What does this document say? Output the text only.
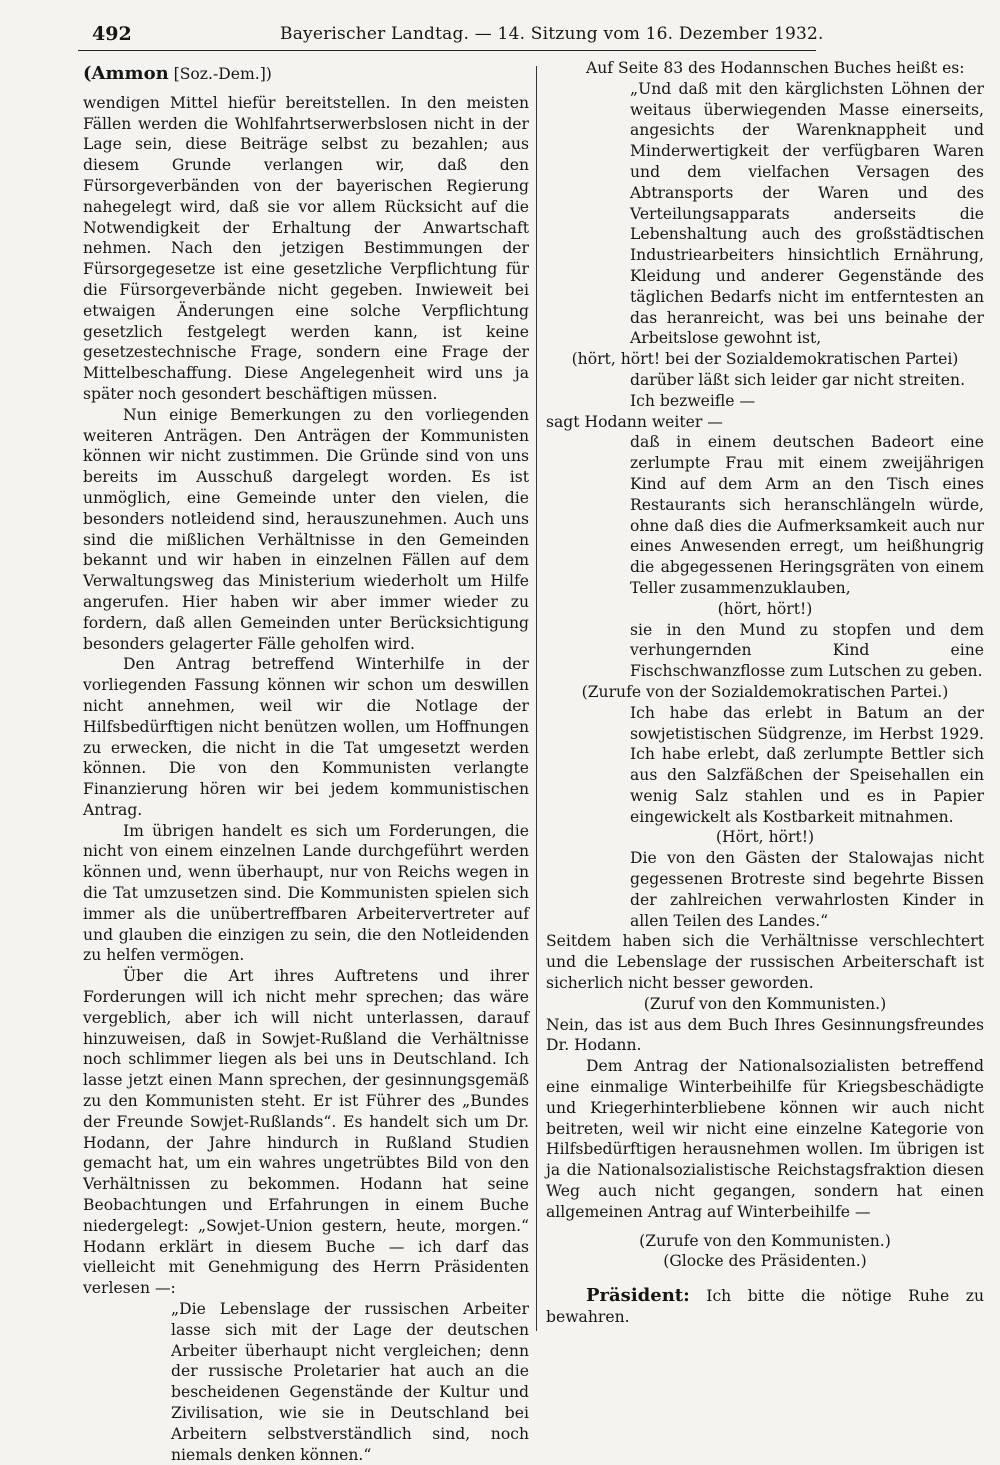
492	Bayerischer Landtag. — 14. Sitzung vom 16. Dezember 1932.

(Ammon [Soz.-Dem.])

wendigen Mittel hiefür bereitstellen. In den meisten Fällen werden die Wohlfahrtserwerbslosen nicht in der Lage sein, diese Beiträge selbst zu bezahlen; aus diesem Grunde verlangen wir, daß den Fürsorgeverbänden von der bayerischen Regierung nahegelegt wird, daß sie vor allem Rücksicht auf die Notwendigkeit der Erhaltung der Anwartschaft nehmen. Nach den jetzigen Bestimmungen der Fürsorgegesetze ist eine gesetzliche Verpflichtung für die Fürsorgeverbände nicht gegeben. Inwieweit bei etwaigen Änderungen eine solche Verpflichtung gesetzlich festgelegt werden kann, ist keine gesetzestechnische Frage, sondern eine Frage der Mittelbeschaffung. Diese Angelegenheit wird uns ja später noch gesondert beschäftigen müssen.

Nun einige Bemerkungen zu den vorliegenden weiteren Anträgen. Den Anträgen der Kommunisten können wir nicht zustimmen. Die Gründe sind von uns bereits im Ausschuß dargelegt worden. Es ist unmöglich, eine Gemeinde unter den vielen, die besonders notleidend sind, herauszunehmen. Auch uns sind die mißlichen Verhältnisse in den Gemeinden bekannt und wir haben in einzelnen Fällen auf dem Verwaltungsweg das Ministerium wiederholt um Hilfe angerufen. Hier haben wir aber immer wieder zu fordern, daß allen Gemeinden unter Berücksichtigung besonders gelagerter Fälle geholfen wird.

Den Antrag betreffend Winterhilfe in der vorliegenden Fassung können wir schon um deswillen nicht annehmen, weil wir die Notlage der Hilfsbedürftigen nicht benützen wollen, um Hoffnungen zu erwecken, die nicht in die Tat umgesetzt werden können. Die von den Kommunisten verlangte Finanzierung hören wir bei jedem kommunistischen Antrag.

Im übrigen handelt es sich um Forderungen, die nicht von einem einzelnen Lande durchgeführt werden können und, wenn überhaupt, nur von Reichs wegen in die Tat umzusetzen sind. Die Kommunisten spielen sich immer als die unübertreffbaren Arbeitervertreter auf und glauben die einzigen zu sein, die den Notleidenden zu helfen vermögen.

Über die Art ihres Auftretens und ihrer Forderungen will ich nicht mehr sprechen; das wäre vergeblich, aber ich will nicht unterlassen, darauf hinzuweisen, daß in Sowjet-Rußland die Verhältnisse noch schlimmer liegen als bei uns in Deutschland. Ich lasse jetzt einen Mann sprechen, der gesinnungsgemäß zu den Kommunisten steht. Er ist Führer des „Bundes der Freunde Sowjet-Rußlands“. Es handelt sich um Dr. Hodann, der Jahre hindurch in Rußland Studien gemacht hat, um ein wahres ungetrübtes Bild von den Verhältnissen zu bekommen. Hodann hat seine Beobachtungen und Erfahrungen in einem Buche niedergelegt: „Sowjet-Union gestern, heute, morgen.“ Hodann erklärt in diesem Buche — ich darf das vielleicht mit Genehmigung des Herrn Präsidenten verlesen —:

„Die Lebenslage der russischen Arbeiter lasse sich mit der Lage der deutschen Arbeiter überhaupt nicht vergleichen; denn der russische Proletarier hat auch an die bescheidenen Gegenstände der Kultur und Zivilisation, wie sie in Deutschland bei Arbeitern selbstverständlich sind, noch niemals denken können.“

Auf Seite 83 des Hodannschen Buches heißt es:

„Und daß mit den kärglichsten Löhnen der weitaus überwiegenden Masse einerseits, angesichts der Warenknappheit und Minderwertigkeit der verfügbaren Waren und dem vielfachen Versagen des Abtransports der Waren und des Verteilungsapparats anderseits die Lebenshaltung auch des großstädtischen Industriearbeiters hinsichtlich Ernährung, Kleidung und anderer Gegenstände des täglichen Bedarfs nicht im entferntesten an das heranreicht, was bei uns beinahe der Arbeitslose gewohnt ist,

(hört, hört! bei der Sozialdemokratischen Partei)

darüber läßt sich leider gar nicht streiten.

Ich bezweifle —

sagt Hodann weiter —

daß in einem deutschen Badeort eine zerlumpte Frau mit einem zweijährigen Kind auf dem Arm an den Tisch eines Restaurants sich heranschlängeln würde, ohne daß dies die Aufmerksamkeit auch nur eines Anwesenden erregt, um heißhungrig die abgegessenen Heringsgräten von einem Teller zusammenzuklauben,

(hört, hört!)

sie in den Mund zu stopfen und dem verhungernden Kind eine Fischschwanzflosse zum Lutschen zu geben.

(Zurufe von der Sozialdemokratischen Partei.)

Ich habe das erlebt in Batum an der sowjetistischen Südgrenze, im Herbst 1929. Ich habe erlebt, daß zerlumpte Bettler sich aus den Salzfäßchen der Speisehallen ein wenig Salz stahlen und es in Papier eingewickelt als Kostbarkeit mitnahmen.

(Hört, hört!)

Die von den Gästen der Stalowajas nicht gegessenen Brotreste sind begehrte Bissen der zahlreichen verwahrlosten Kinder in allen Teilen des Landes.“

Seitdem haben sich die Verhältnisse verschlechtert und die Lebenslage der russischen Arbeiterschaft ist sicherlich nicht besser geworden.

(Zuruf von den Kommunisten.)

Nein, das ist aus dem Buch Ihres Gesinnungsfreundes Dr. Hodann.

Dem Antrag der Nationalsozialisten betreffend eine einmalige Winterbeihilfe für Kriegsbeschädigte und Kriegerhinterbliebene können wir auch nicht beitreten, weil wir nicht eine einzelne Kategorie von Hilfsbedürftigen herausnehmen wollen. Im übrigen ist ja die Nationalsozialistische Reichstagsfraktion diesen Weg auch nicht gegangen, sondern hat einen allgemeinen Antrag auf Winterbeihilfe —

(Zurufe von den Kommunisten.)

(Glocke des Präsidenten.)

Präsident: Ich bitte die nötige Ruhe zu bewahren.
